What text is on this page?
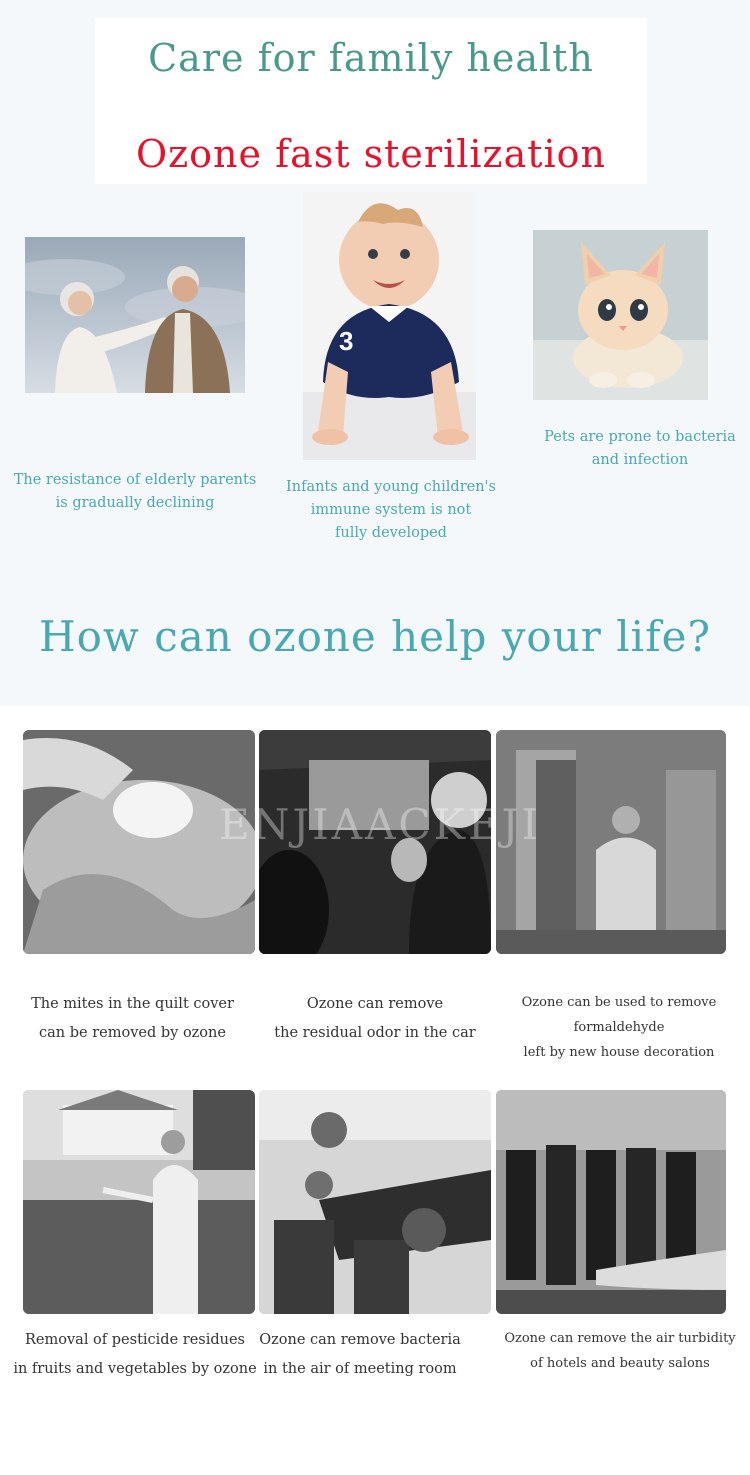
Care for family health
Ozone fast sterilization
3
The resistance of elderly parents
is gradually declining
Infants and young children's
immune system is not
fully developed
Pets are prone to bacteria
and infection
How can ozone help your life?
ENJIAACKEJI
The mites in the quilt cover
can be removed by ozone
Ozone can remove
the residual odor in the car
Ozone can be used to remove formaldehyde
left by new house decoration
Removal of pesticide residues
in fruits and vegetables by ozone
Ozone can remove bacteria
in the air of meeting room
Ozone can remove the air turbidity
of hotels and beauty salons
